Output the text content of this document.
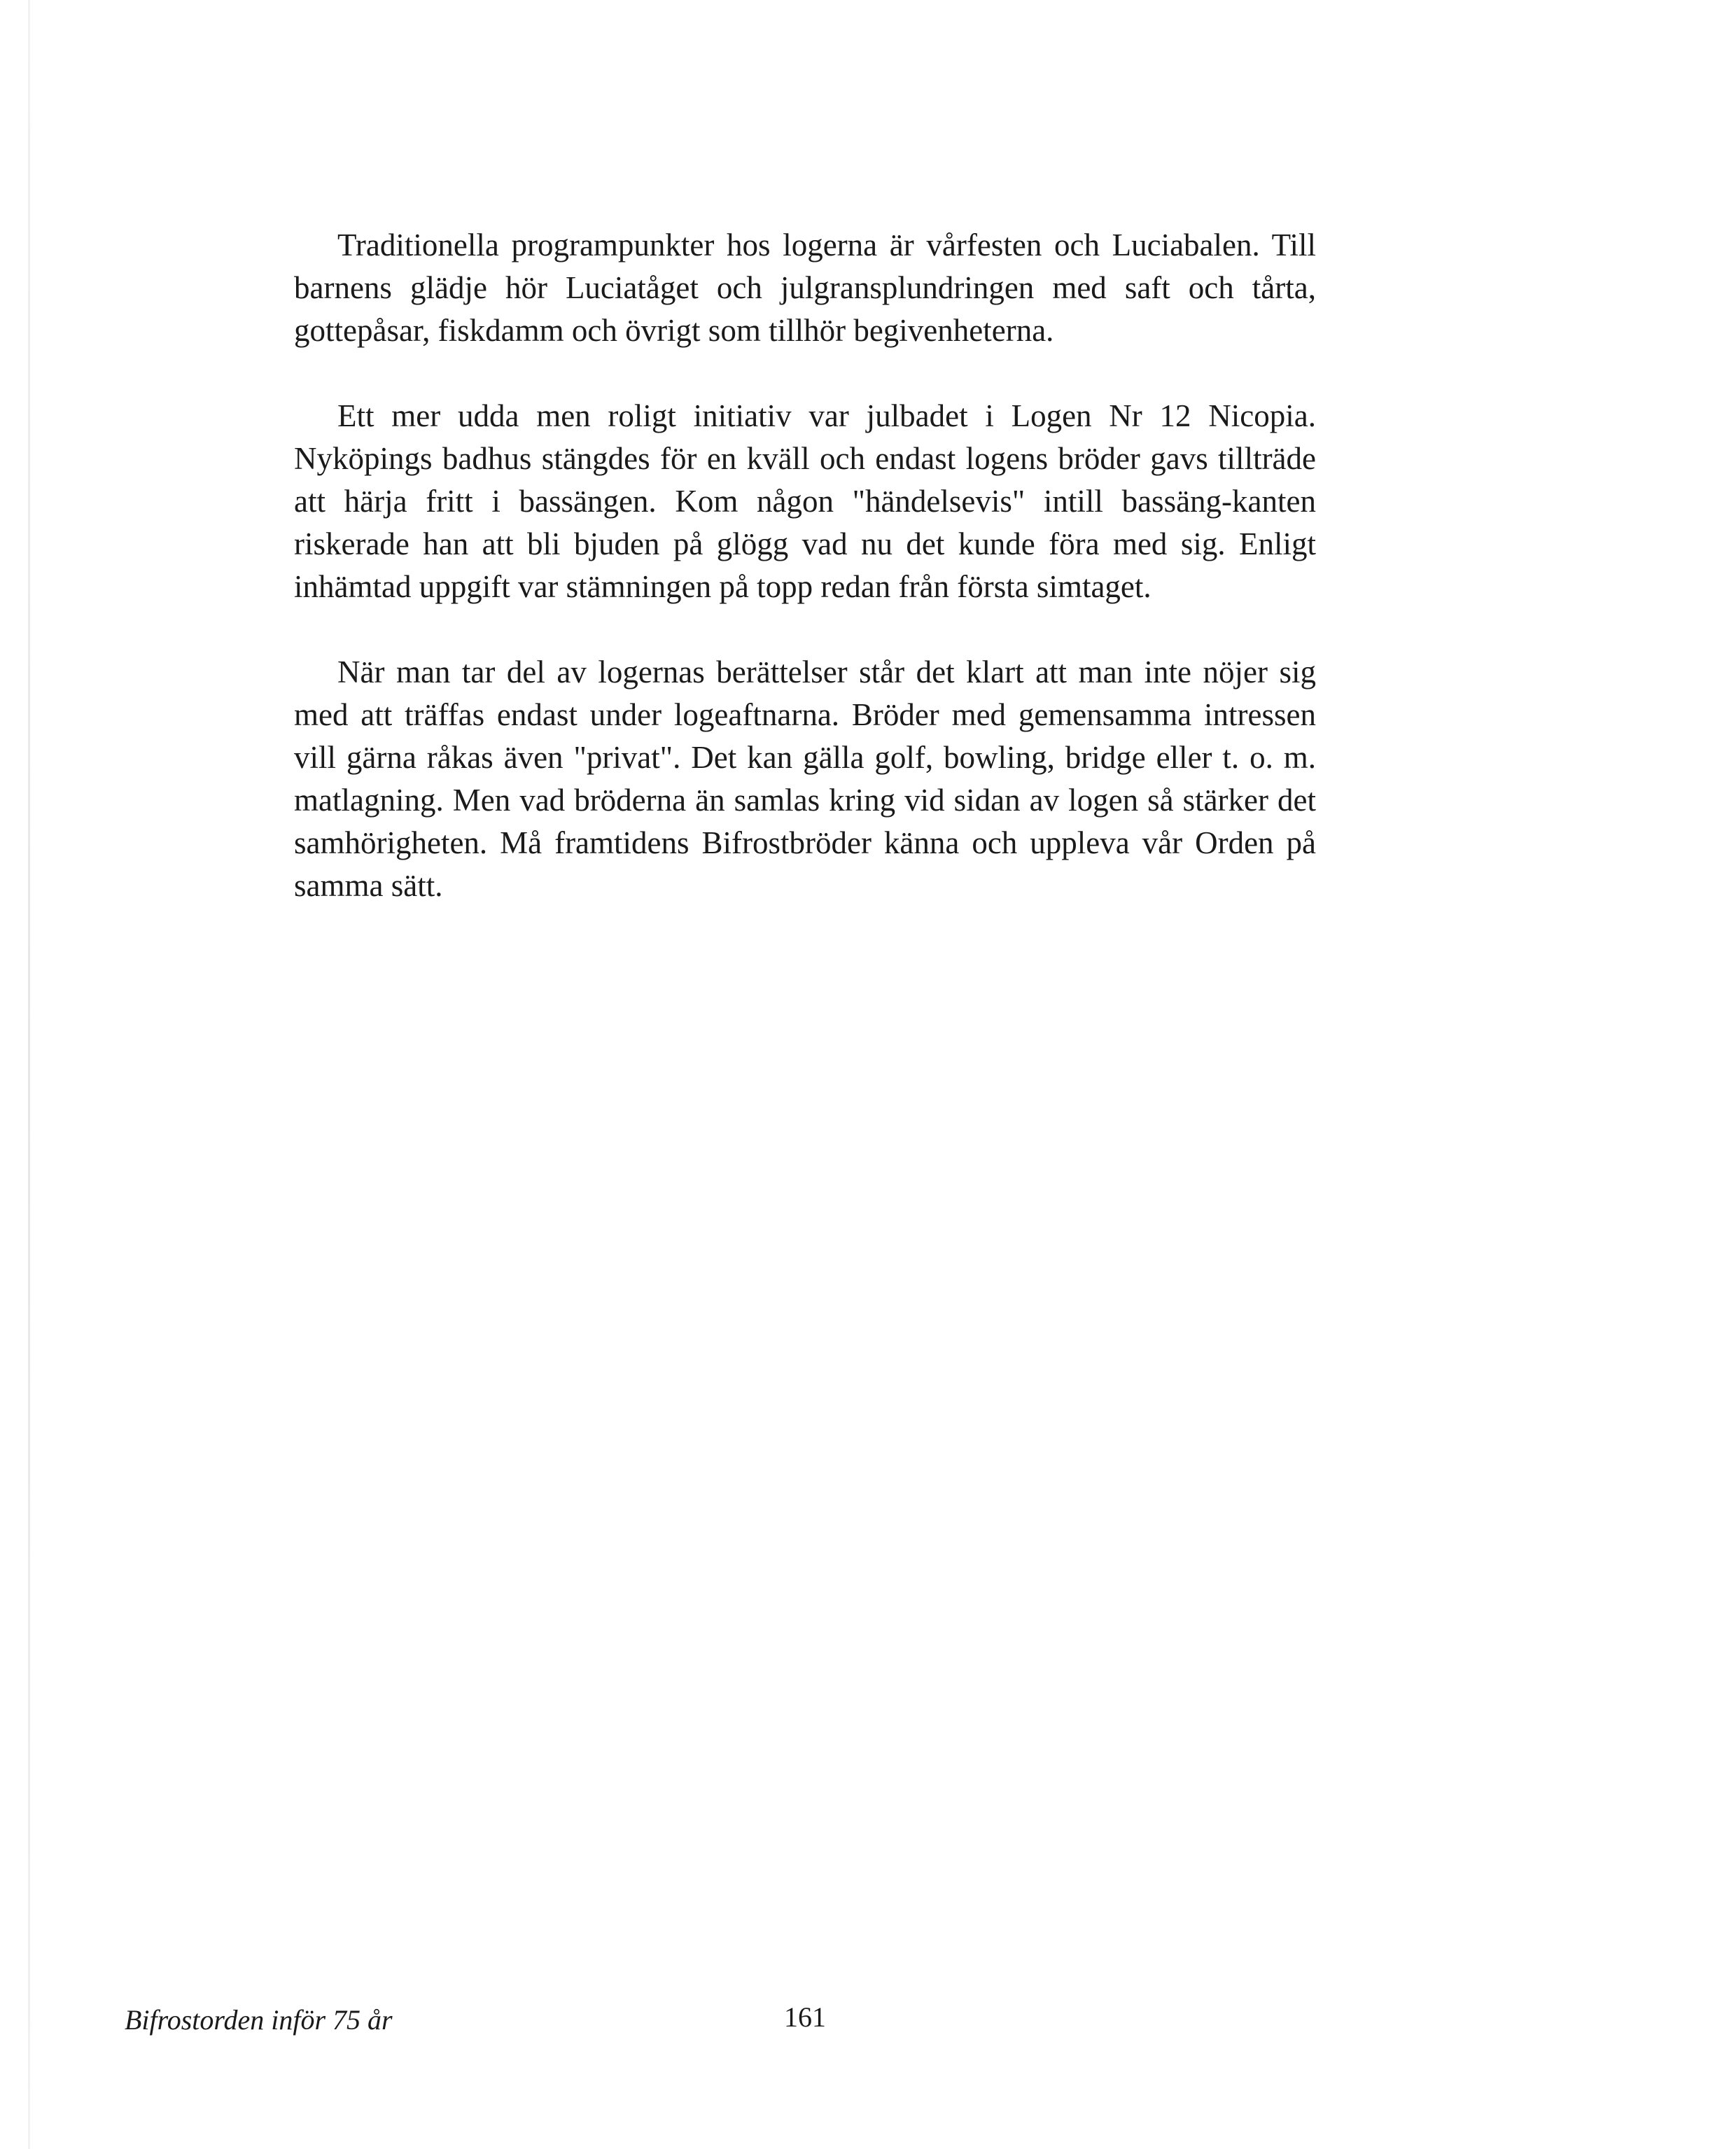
Traditionella programpunkter hos logerna är vårfesten och Luciabalen. Till barnens glädje hör Luciatåget och julgransplundringen med saft och tårta, gottepåsar, fiskdamm och övrigt som tillhör begivenheterna.

Ett mer udda men roligt initiativ var julbadet i Logen Nr 12 Nicopia. Nyköpings badhus stängdes för en kväll och endast logens bröder gavs tillträde att härja fritt i bassängen. Kom någon "händelsevis" intill bassäng-kanten riskerade han att bli bjuden på glögg vad nu det kunde föra med sig. Enligt inhämtad uppgift var stämningen på topp redan från första simtaget.

När man tar del av logernas berättelser står det klart att man inte nöjer sig med att träffas endast under logeaftnarna. Bröder med gemensamma intressen vill gärna råkas även "privat". Det kan gälla golf, bowling, bridge eller t. o. m. matlagning. Men vad bröderna än samlas kring vid sidan av logen så stärker det samhörigheten. Må framtidens Bifrostbröder känna och uppleva vår Orden på samma sätt.

Bifrostorden inför 75 år	161
